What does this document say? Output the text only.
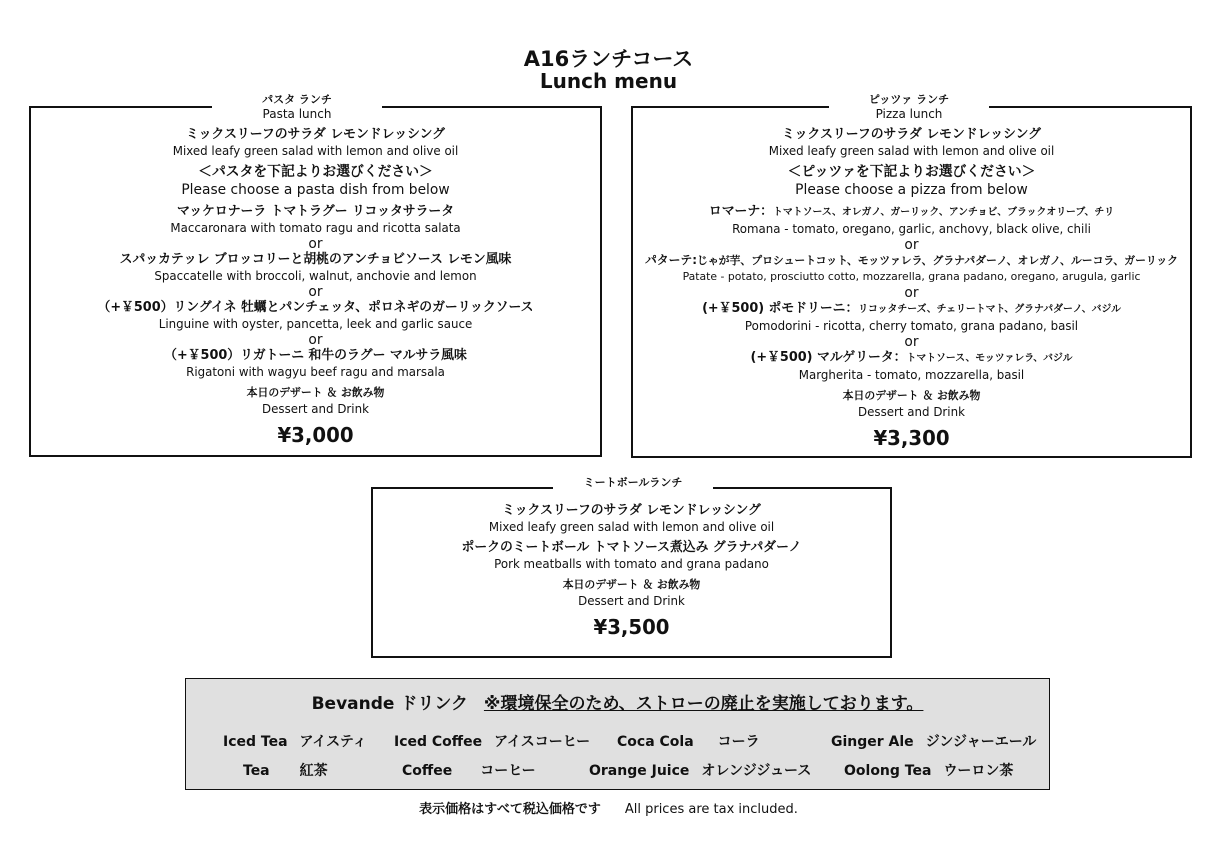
A16ランチコース
Lunch menu
パスタ ランチ
Pasta lunch
ミックスリーフのサラダ レモンドレッシング
Mixed leafy green salad with lemon and olive oil
＜パスタを下記よりお選びください＞
Please choose a pasta dish from below
マッケロナーラ トマトラグー リコッタサラータ
Maccaronara with tomato ragu and ricotta salata
or
スパッカテッレ ブロッコリーと胡桃のアンチョビソース レモン風味
Spaccatelle with broccoli, walnut, anchovie and lemon
or
（+￥500）リングイネ 牡蠣とパンチェッタ、ポロネギのガーリックソース
Linguine with oyster, pancetta, leek and garlic sauce
or
（+￥500）リガトーニ 和牛のラグー マルサラ風味
Rigatoni with wagyu beef ragu and marsala
本日のデザート ＆ お飲み物
Dessert and Drink
¥3,000
ピッツァ ランチ
Pizza lunch
ミックスリーフのサラダ レモンドレッシング
Mixed leafy green salad with lemon and olive oil
＜ピッツァを下記よりお選びください＞
Please choose a pizza from below
ロマーナ：トマトソース、オレガノ、ガーリック、アンチョビ、ブラックオリーブ、チリ
Romana - tomato, oregano, garlic, anchovy, black olive, chili
or
パターテ:じゃが芋、プロシュートコット、モッツァレラ、グラナパダーノ、オレガノ、ルーコラ、ガーリック
Patate - potato, prosciutto cotto, mozzarella, grana padano, oregano, arugula, garlic
or
(+￥500) ポモドリーニ：リコッタチーズ、チェリートマト、グラナパダーノ、バジル
Pomodorini - ricotta, cherry tomato, grana padano, basil
or
(+￥500) マルゲリータ：トマトソース、モッツァレラ、バジル
Margherita - tomato, mozzarella, basil
本日のデザート ＆ お飲み物
Dessert and Drink
¥3,300
ミートボールランチ
ミックスリーフのサラダ レモンドレッシング
Mixed leafy green salad with lemon and olive oil
ポークのミートボール トマトソース煮込み グラナパダーノ
Pork meatballs with tomato and grana padano
本日のデザート ＆ お飲み物
Dessert and Drink
¥3,500
Bevande ドリンク ※環境保全のため、ストローの廃止を実施しております。
Iced Tea アイスティ Iced Coffee アイスコーヒー Coca Cola コーラ	Ginger Ale ジンジャーエール
Tea 紅茶	Coffee コーヒー	Orange Juice オレンジジュース Oolong Tea ウーロン茶
表示価格はすべて税込価格です All prices are tax included.
